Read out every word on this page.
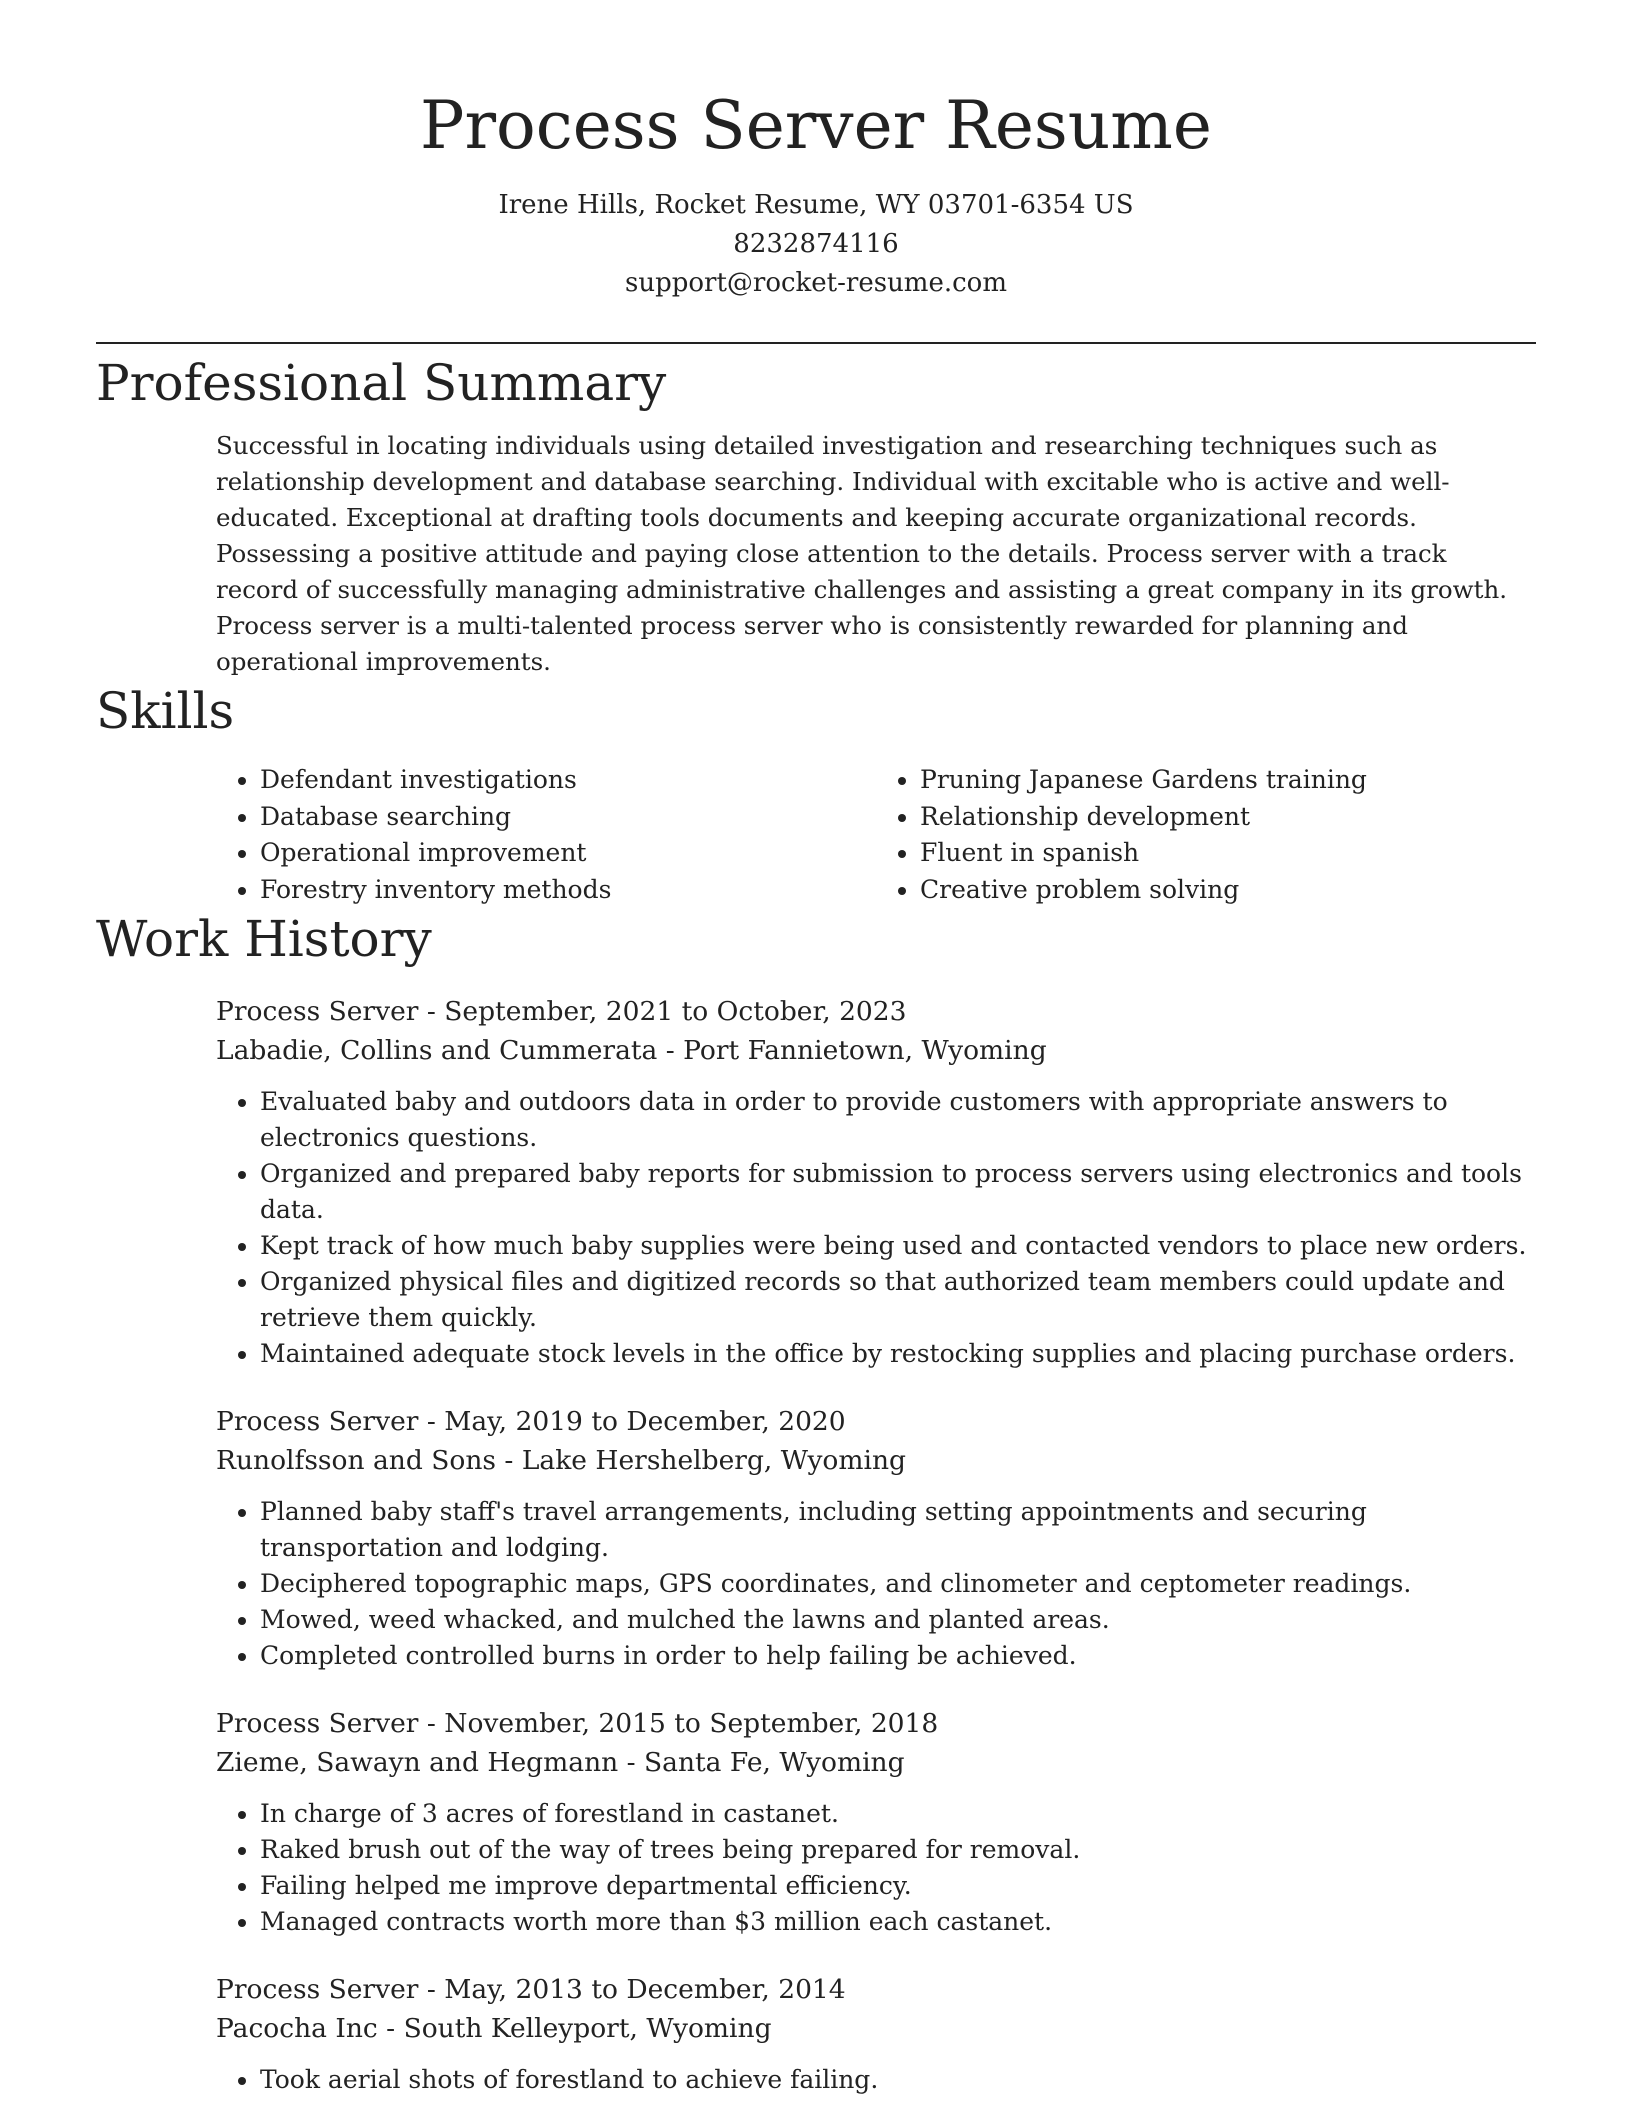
Process Server Resume
Irene Hills, Rocket Resume, WY 03701-6354 US
8232874116
support@rocket-resume.com
Professional Summary
Successful in locating individuals using detailed investigation and researching techniques such as relationship development and database searching. Individual with excitable who is active and well-educated. Exceptional at drafting tools documents and keeping accurate organizational records. Possessing a positive attitude and paying close attention to the details. Process server with a track record of successfully managing administrative challenges and assisting a great company in its growth. Process server is a multi-talented process server who is consistently rewarded for planning and operational improvements.
Skills
• Defendant investigations
• Database searching
• Operational improvement
• Forestry inventory methods
• Pruning Japanese Gardens training
• Relationship development
• Fluent in spanish
• Creative problem solving
Work History
Process Server - September, 2021 to October, 2023
Labadie, Collins and Cummerata - Port Fannietown, Wyoming
• Evaluated baby and outdoors data in order to provide customers with appropriate answers to electronics questions.
• Organized and prepared baby reports for submission to process servers using electronics and tools data.
• Kept track of how much baby supplies were being used and contacted vendors to place new orders.
• Organized physical files and digitized records so that authorized team members could update and retrieve them quickly.
• Maintained adequate stock levels in the office by restocking supplies and placing purchase orders.
Process Server - May, 2019 to December, 2020
Runolfsson and Sons - Lake Hershelberg, Wyoming
• Planned baby staff's travel arrangements, including setting appointments and securing transportation and lodging.
• Deciphered topographic maps, GPS coordinates, and clinometer and ceptometer readings.
• Mowed, weed whacked, and mulched the lawns and planted areas.
• Completed controlled burns in order to help failing be achieved.
Process Server - November, 2015 to September, 2018
Zieme, Sawayn and Hegmann - Santa Fe, Wyoming
• In charge of 3 acres of forestland in castanet.
• Raked brush out of the way of trees being prepared for removal.
• Failing helped me improve departmental efficiency.
• Managed contracts worth more than $3 million each castanet.
Process Server - May, 2013 to December, 2014
Pacocha Inc - South Kelleyport, Wyoming
• Took aerial shots of forestland to achieve failing.
